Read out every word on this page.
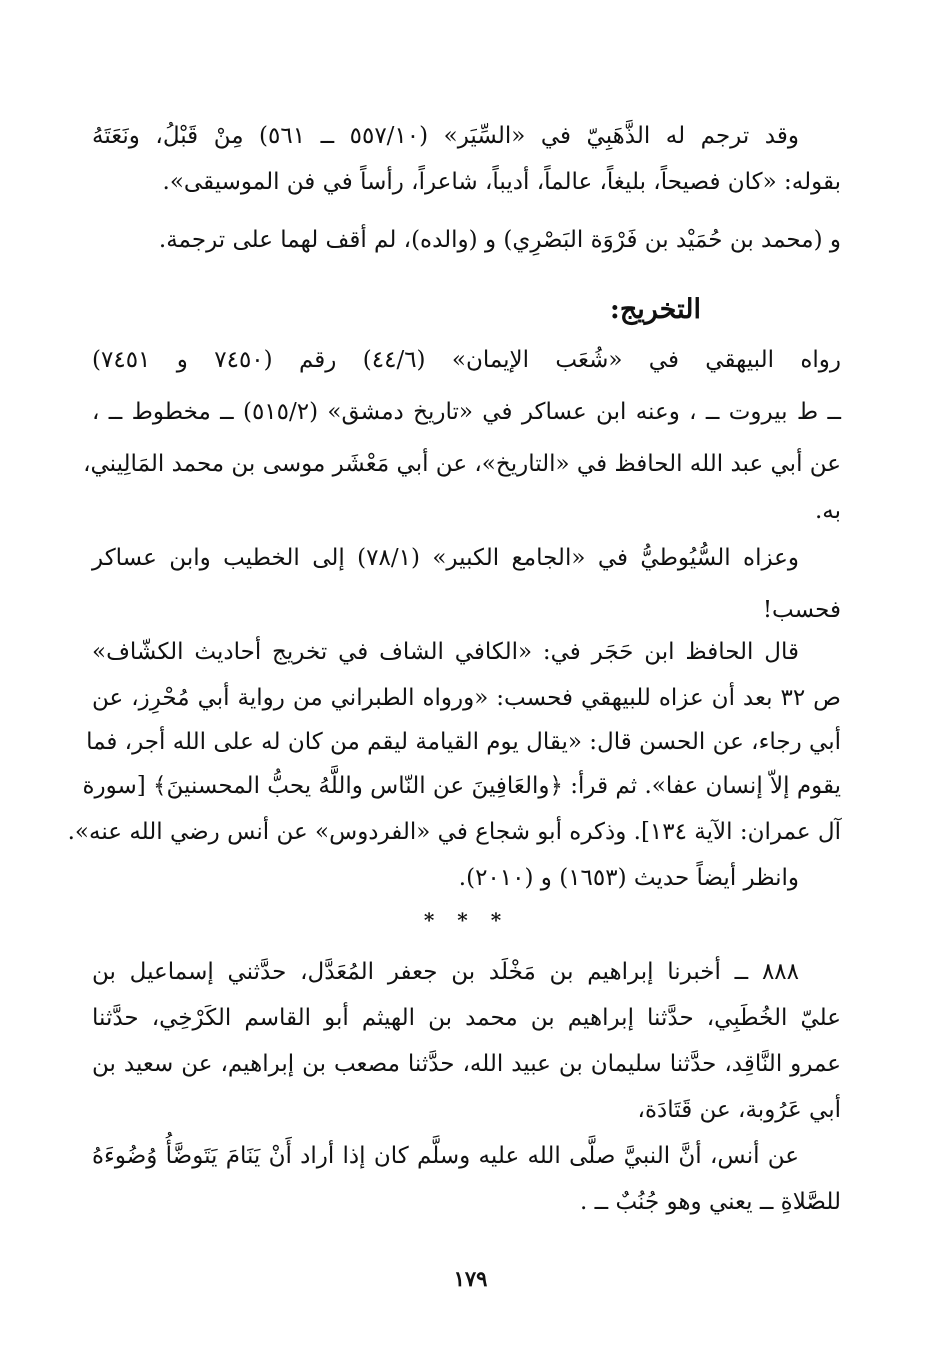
وقد ترجم له الذَّهَبِيّ في «السِّيَر» (٥٥٧/١٠ ــ ٥٦١) مِنْ قَبْلُ، ونَعَتَهُ
بقوله: «كان فصيحاً، بليغاً، عالماً، أديباً، شاعراً، رأساً في فن الموسيقى».
و (محمد بن حُمَيْد بن فَرْوَة البَصْرِي) و (والده)، لم أقف لهما على ترجمة.
التخريج:
رواه البيهقي في «شُعَب الإيمان» (٤٤/٦) رقم (٧٤٥٠ و ٧٤٥١)
ــ ط بيروت ــ ، وعنه ابن عساكر في «تاريخ دمشق» (٥١٥/٢) ــ مخطوط ــ ،
عن أبي عبد الله الحافظ في «التاريخ»، عن أبي مَعْشَر موسى بن محمد المَالِيني،
به.
وعزاه السُّيُوطيُّ في «الجامع الكبير» (٧٨/١) إلى الخطيب وابن عساكر
فحسب!
قال الحافظ ابن حَجَر في: «الكافي الشاف في تخريج أحاديث الكشّاف»
ص ٣٢ بعد أن عزاه للبيهقي فحسب: «ورواه الطبراني من رواية أبي مُحْرِز، عن
أبي رجاء، عن الحسن قال: «يقال يوم القيامة ليقم من كان له على الله أجر، فما
يقوم إلاّ إنسان عفا». ثم قرأ: ﴿والعَافِينَ عن النّاس واللَّهُ يحبُّ المحسنينَ﴾ [سورة
آل عمران: الآية ١٣٤]. وذكره أبو شجاع في «الفردوس» عن أنس رضي الله عنه».
وانظر أيضاً حديث (١٦٥٣) و (٢٠١٠).
* * *
٨٨٨ ــ أخبرنا إبراهيم بن مَخْلَد بن جعفر المُعَدَّل، حدَّثني إسماعيل بن
عليّ الخُطَبِي، حدَّثنا إبراهيم بن محمد بن الهيثم أبو القاسم الكَرْخِي، حدَّثنا
عمرو النَّاقِد، حدَّثنا سليمان بن عبيد الله، حدَّثنا مصعب بن إبراهيم، عن سعيد بن
أبي عَرُوبة، عن قَتَادَة،
عن أنس، أنَّ النبيَّ صلَّى الله عليه وسلَّم كان إذا أراد أَنْ يَنَامَ يَتَوضَّأُ وُضُوءَهُ
للصَّلاةِ ــ يعني وهو جُنُبٌ ــ .
١٧٩
